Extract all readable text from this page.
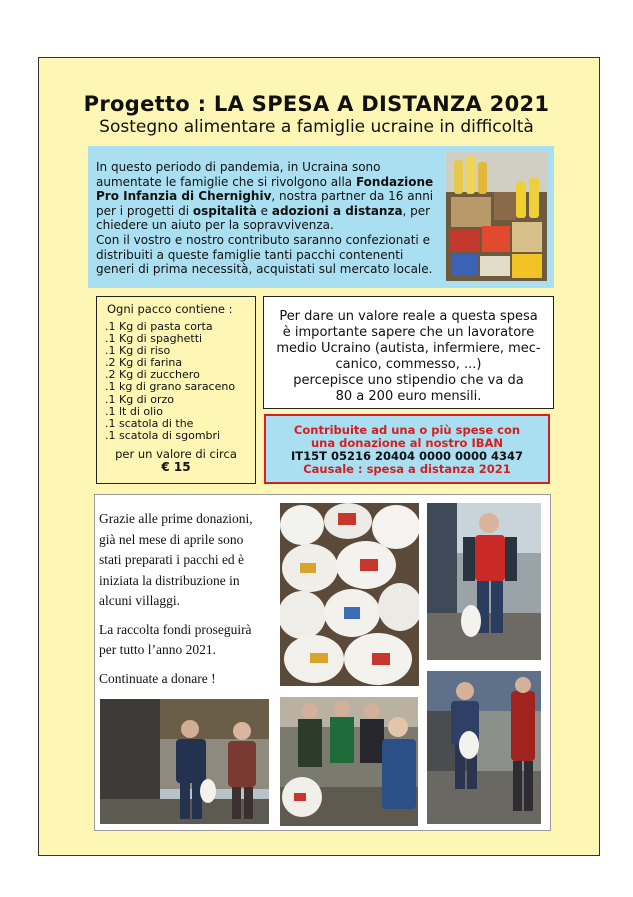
Progetto : LA SPESA A DISTANZA 2021
Sostegno alimentare a famiglie ucraine in difficoltà
In questo periodo di pandemia, in Ucraina sono
aumentate le famiglie che si rivolgono alla Fondazione
Pro Infanzia di Chernighiv, nostra partner da 16 anni
per i progetti di ospitalità e adozioni a distanza, per
chiedere un aiuto per la sopravvivenza.
Con il vostro e nostro contributo saranno confezionati e
distribuiti a queste famiglie tanti pacchi contenenti
generi di prima necessità, acquistati sul mercato locale.
Ogni pacco contiene :
.1 Kg di pasta corta
.1 Kg di spaghetti
.1 Kg di riso
.2 Kg di farina
.2 Kg di zucchero
.1 kg di grano saraceno
.1 Kg di orzo
.1 lt di olio
.1 scatola di the
.1 scatola di sgombri
per un valore di circa
€ 15
Per dare un valore reale a questa spesa
è importante sapere che un lavoratore
medio Ucraino (autista, infermiere, mec-
canico, commesso, ...)
percepisce uno stipendio che va da
80 a 200 euro mensili.
Contribuite ad una o più spese con
una donazione al nostro IBAN
IT15T 05216 20404 0000 0000 4347
Causale : spesa a distanza 2021

Grazie alle prime donazioni, già nel mese di aprile sono stati preparati i pacchi ed è iniziata la distribuzione in alcuni villaggi.

La raccolta fondi proseguirà per tutto l’anno 2021.

Continuate a donare !
